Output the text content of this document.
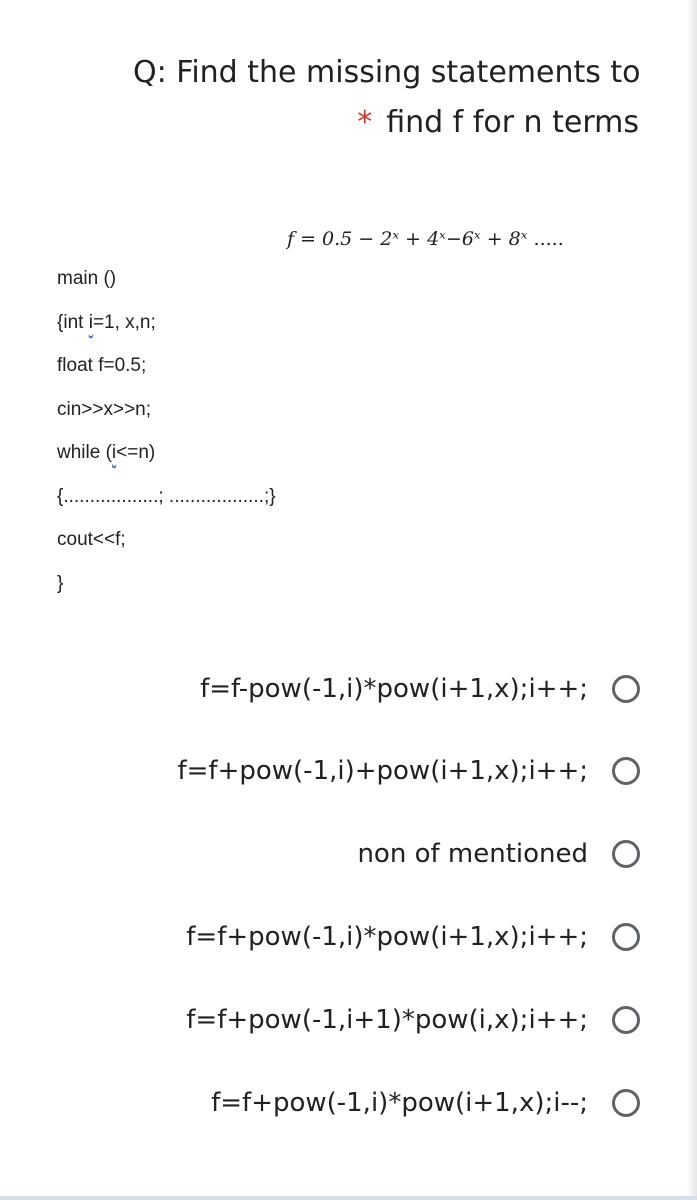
Q: Find the missing statements to
* find f for n terms
f = 0.5 − 2ˣ + 4ˣ−6ˣ + 8ˣ .....
main ()
{int i=1, x,n;
float f=0.5;
cin>>x>>n;
while (i<=n)
{..................; ..................;}
cout<<f;
}
f=f-pow(-1,i)*pow(i+1,x);i++;
f=f+pow(-1,i)+pow(i+1,x);i++;
non of mentioned
f=f+pow(-1,i)*pow(i+1,x);i++;
f=f+pow(-1,i+1)*pow(i,x);i++;
f=f+pow(-1,i)*pow(i+1,x);i--;
